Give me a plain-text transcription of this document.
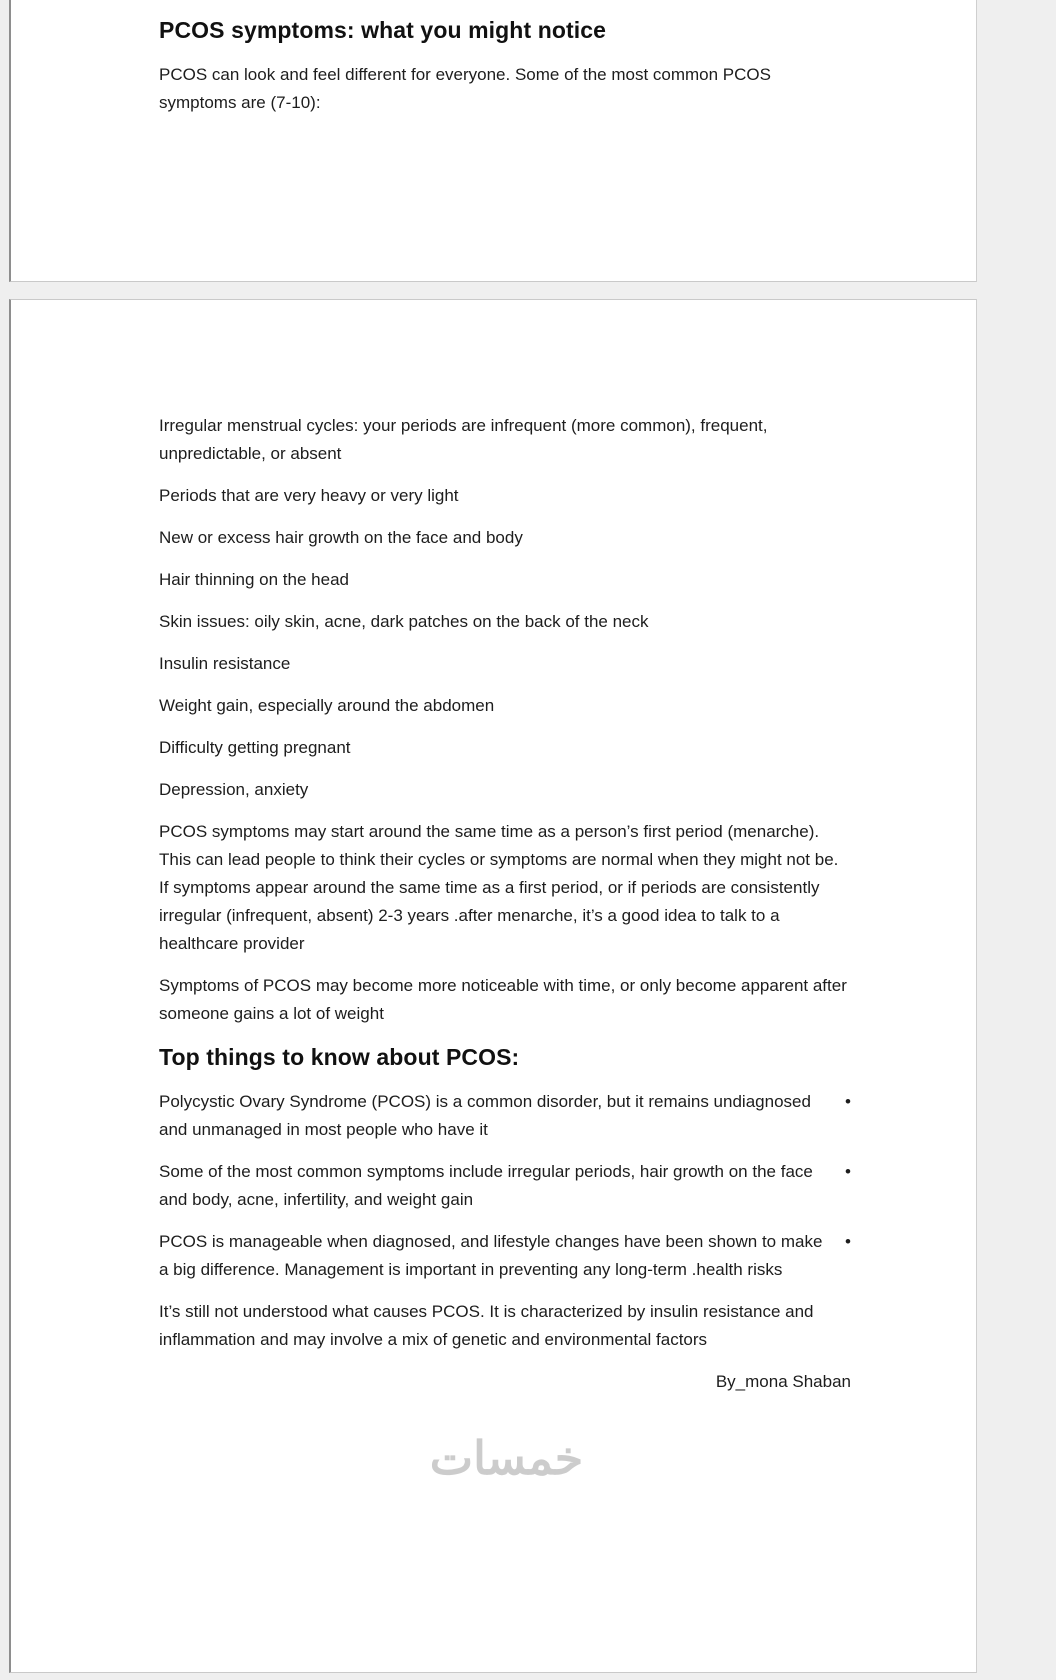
PCOS symptoms: what you might notice

PCOS can look and feel different for everyone. Some of the most common PCOS symptoms are (7-10):

Irregular menstrual cycles: your periods are infrequent (more common), frequent, unpredictable, or absent

Periods that are very heavy or very light

New or excess hair growth on the face and body

Hair thinning on the head

Skin issues: oily skin, acne, dark patches on the back of the neck

Insulin resistance

Weight gain, especially around the abdomen

Difficulty getting pregnant

Depression, anxiety

PCOS symptoms may start around the same time as a person’s first period (menarche). This can lead people to think their cycles or symptoms are normal when they might not be. If symptoms appear around the same time as a first period, or if periods are consistently irregular (infrequent, absent) 2-3 years .after menarche, it’s a good idea to talk to a healthcare provider

Symptoms of PCOS may become more noticeable with time, or only become apparent after someone gains a lot of weight

Top things to know about PCOS:

Polycystic Ovary Syndrome (PCOS) is a common disorder, but it remains undiagnosed and unmanaged in most people who have it

•

Some of the most common symptoms include irregular periods, hair growth on the face and body, acne, infertility, and weight gain

•

PCOS is manageable when diagnosed, and lifestyle changes have been shown to make a big difference. Management is important in preventing any long-term .health risks

•

It’s still not understood what causes PCOS. It is characterized by insulin resistance and inflammation and may involve a mix of genetic and environmental factors

By_mona Shaban

خمسات
